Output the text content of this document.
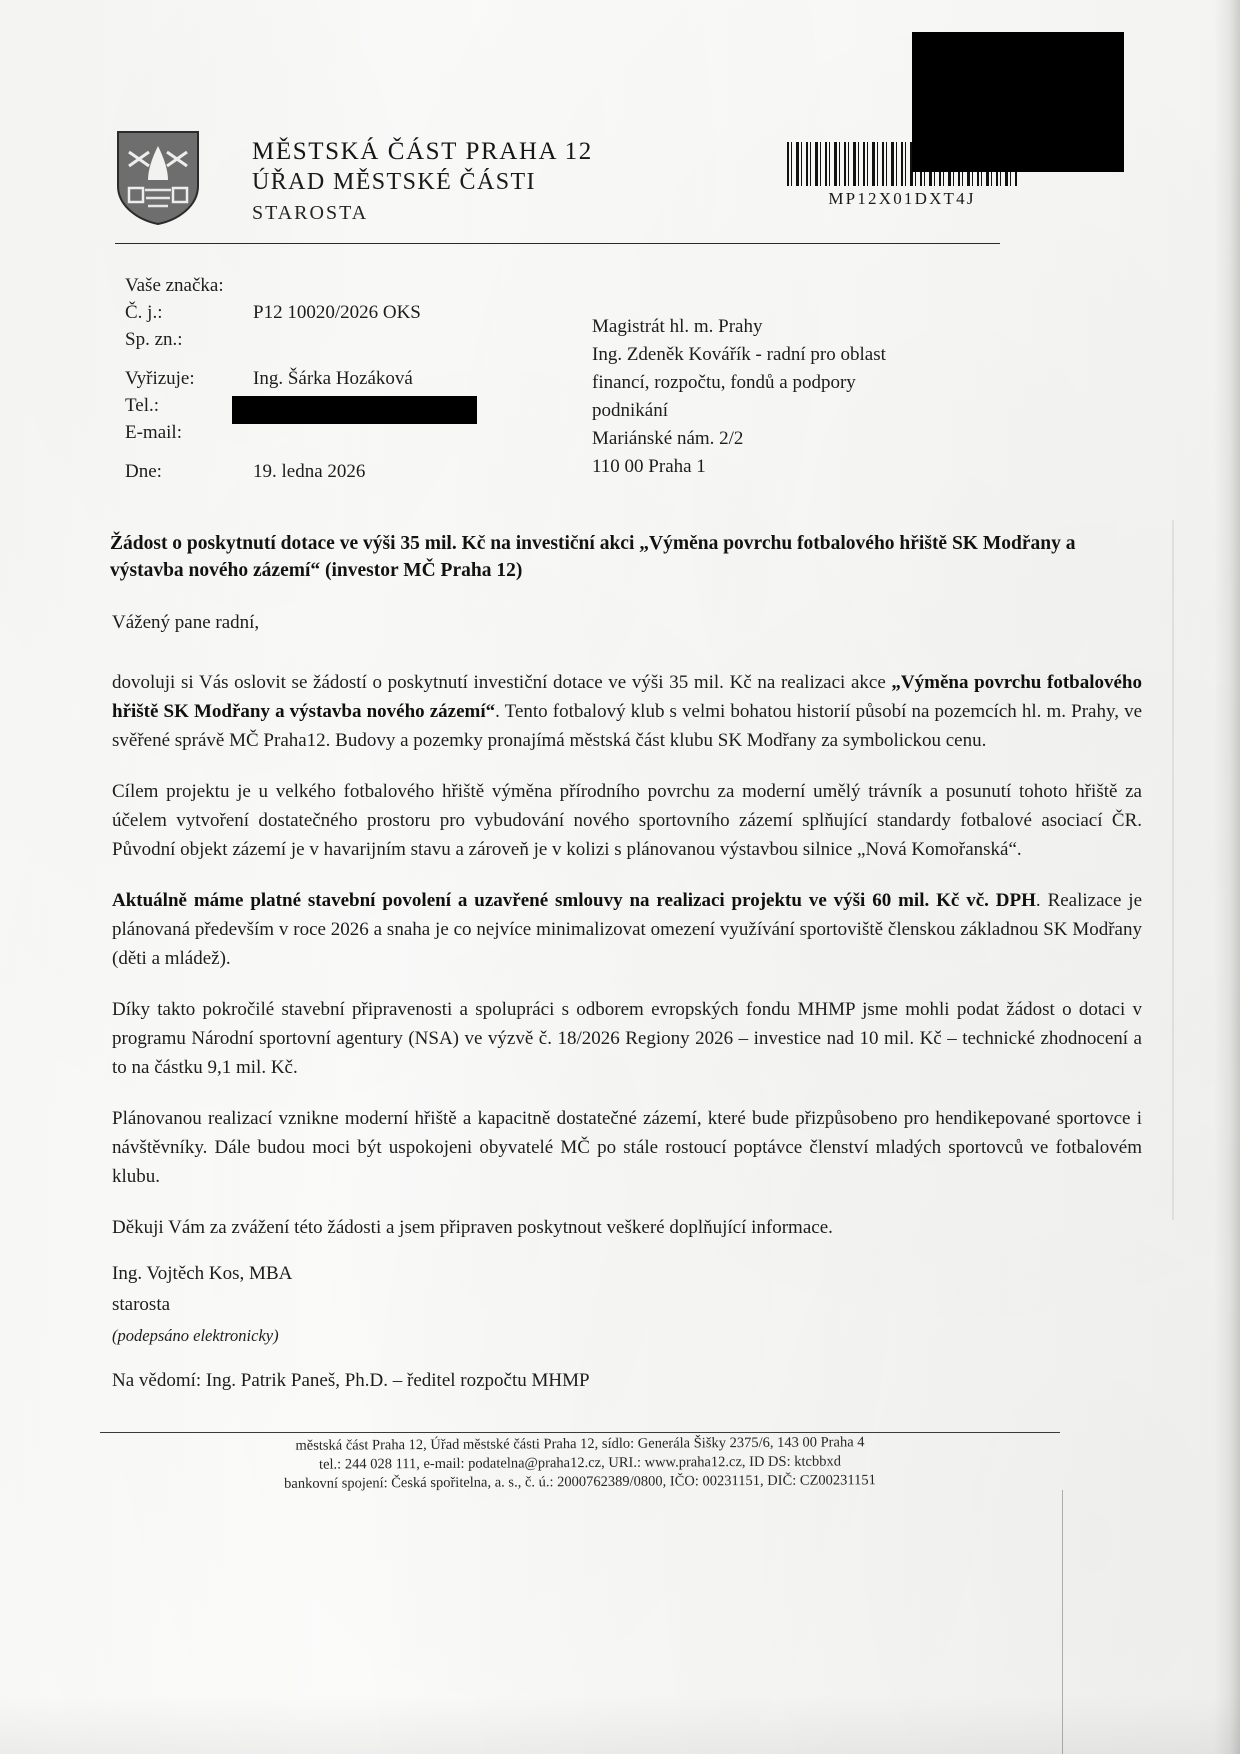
MĚSTSKÁ ČÁST PRAHA 12
ÚŘAD MĚSTSKÉ ČÁSTI
STAROSTA
MP12X01DXT4J
Vaše značka:
Č. j.:	P12 10020/2026 OKS
Sp. zn.:
Vyřizuje:	Ing. Šárka Hozáková
Tel.:
E-mail:
Dne:	19. ledna 2026
Magistrát hl. m. Prahy
Ing. Zdeněk Kovářík - radní pro oblast
financí, rozpočtu, fondů a podpory
podnikání
Mariánské nám. 2/2
110 00 Praha 1
Žádost o poskytnutí dotace ve výši 35 mil. Kč na investiční akci „Výměna povrchu fotbalového hřiště SK Modřany a výstavba nového zázemí“ (investor MČ Praha 12)
Vážený pane radní,

dovoluji si Vás oslovit se žádostí o poskytnutí investiční dotace ve výši 35 mil. Kč na realizaci akce „Výměna povrchu fotbalového hřiště SK Modřany a výstavba nového zázemí“. Tento fotbalový klub s velmi bohatou historií působí na pozemcích hl. m. Prahy, ve svěřené správě MČ Praha12. Budovy a pozemky pronajímá městská část klubu SK Modřany za symbolickou cenu.

Cílem projektu je u velkého fotbalového hřiště výměna přírodního povrchu za moderní umělý trávník a posunutí tohoto hřiště za účelem vytvoření dostatečného prostoru pro vybudování nového sportovního zázemí splňující standardy fotbalové asociací ČR. Původní objekt zázemí je v havarijním stavu a zároveň je v kolizi s plánovanou výstavbou silnice „Nová Komořanská“.

Aktuálně máme platné stavební povolení a uzavřené smlouvy na realizaci projektu ve výši 60 mil. Kč vč. DPH. Realizace je plánovaná především v roce 2026 a snaha je co nejvíce minimalizovat omezení využívání sportoviště členskou základnou SK Modřany (děti a mládež).

Díky takto pokročilé stavební připravenosti a spolupráci s odborem evropských fondu MHMP jsme mohli podat žádost o dotaci v programu Národní sportovní agentury (NSA) ve výzvě č. 18/2026 Regiony 2026 – investice nad 10 mil. Kč – technické zhodnocení a to na částku 9,1 mil. Kč.

Plánovanou realizací vznikne moderní hřiště a kapacitně dostatečné zázemí, které bude přizpůsobeno pro hendikepované sportovce i návštěvníky. Dále budou moci být uspokojeni obyvatelé MČ po stále rostoucí poptávce členství mladých sportovců ve fotbalovém klubu.

Děkuji Vám za zvážení této žádosti a jsem připraven poskytnout veškeré doplňující informace.

Ing. Vojtěch Kos, MBA
starosta
(podepsáno elektronicky)
Na vědomí: Ing. Patrik Paneš, Ph.D. – ředitel rozpočtu MHMP
městská část Praha 12, Úřad městské části Praha 12, sídlo: Generála Šišky 2375/6, 143 00 Praha 4
tel.: 244 028 111, e-mail: podatelna@praha12.cz, URI.: www.praha12.cz, ID DS: ktcbbxd
bankovní spojení: Česká spořitelna, a. s., č. ú.: 2000762389/0800, IČO: 00231151, DIČ: CZ00231151
